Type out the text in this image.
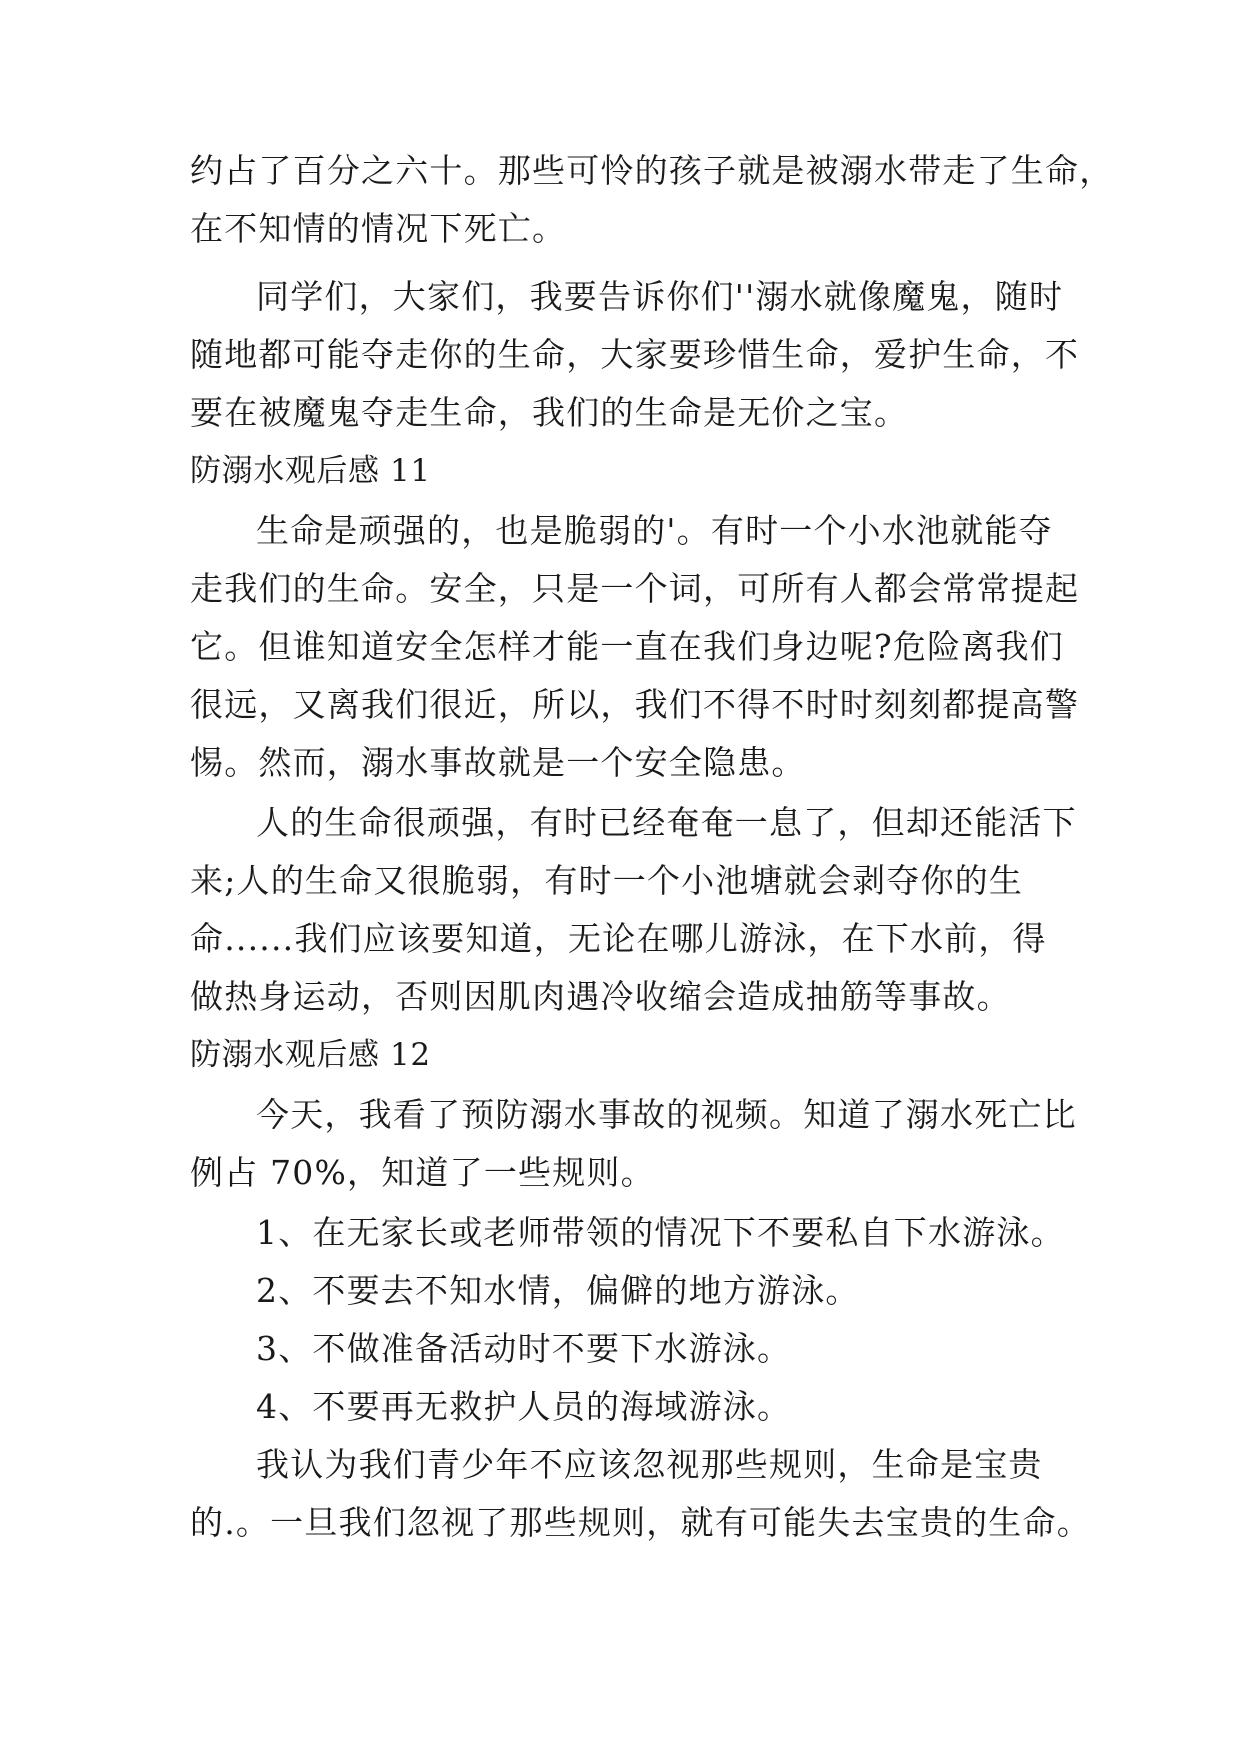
约占了百分之六十。那些可怜的孩子就是被溺水带走了生命，
在不知情的情况下死亡。
同学们，大家们，我要告诉你们''溺水就像魔鬼，随时
随地都可能夺走你的生命，大家要珍惜生命，爱护生命，不
要在被魔鬼夺走生命，我们的生命是无价之宝。
防溺水观后感 11
生命是顽强的，也是脆弱的'。有时一个小水池就能夺
走我们的生命。安全，只是一个词，可所有人都会常常提起
它。但谁知道安全怎样才能一直在我们身边呢?危险离我们
很远，又离我们很近，所以，我们不得不时时刻刻都提高警
惕。然而，溺水事故就是一个安全隐患。
人的生命很顽强，有时已经奄奄一息了，但却还能活下
来;人的生命又很脆弱，有时一个小池塘就会剥夺你的生
命......我们应该要知道，无论在哪儿游泳，在下水前，得
做热身运动，否则因肌肉遇冷收缩会造成抽筋等事故。
防溺水观后感 12
今天，我看了预防溺水事故的视频。知道了溺水死亡比
例占 70%，知道了一些规则。
1、在无家长或老师带领的情况下不要私自下水游泳。
2、不要去不知水情，偏僻的地方游泳。
3、不做准备活动时不要下水游泳。
4、不要再无救护人员的海域游泳。
我认为我们青少年不应该忽视那些规则，生命是宝贵
的.。一旦我们忽视了那些规则，就有可能失去宝贵的生命。
